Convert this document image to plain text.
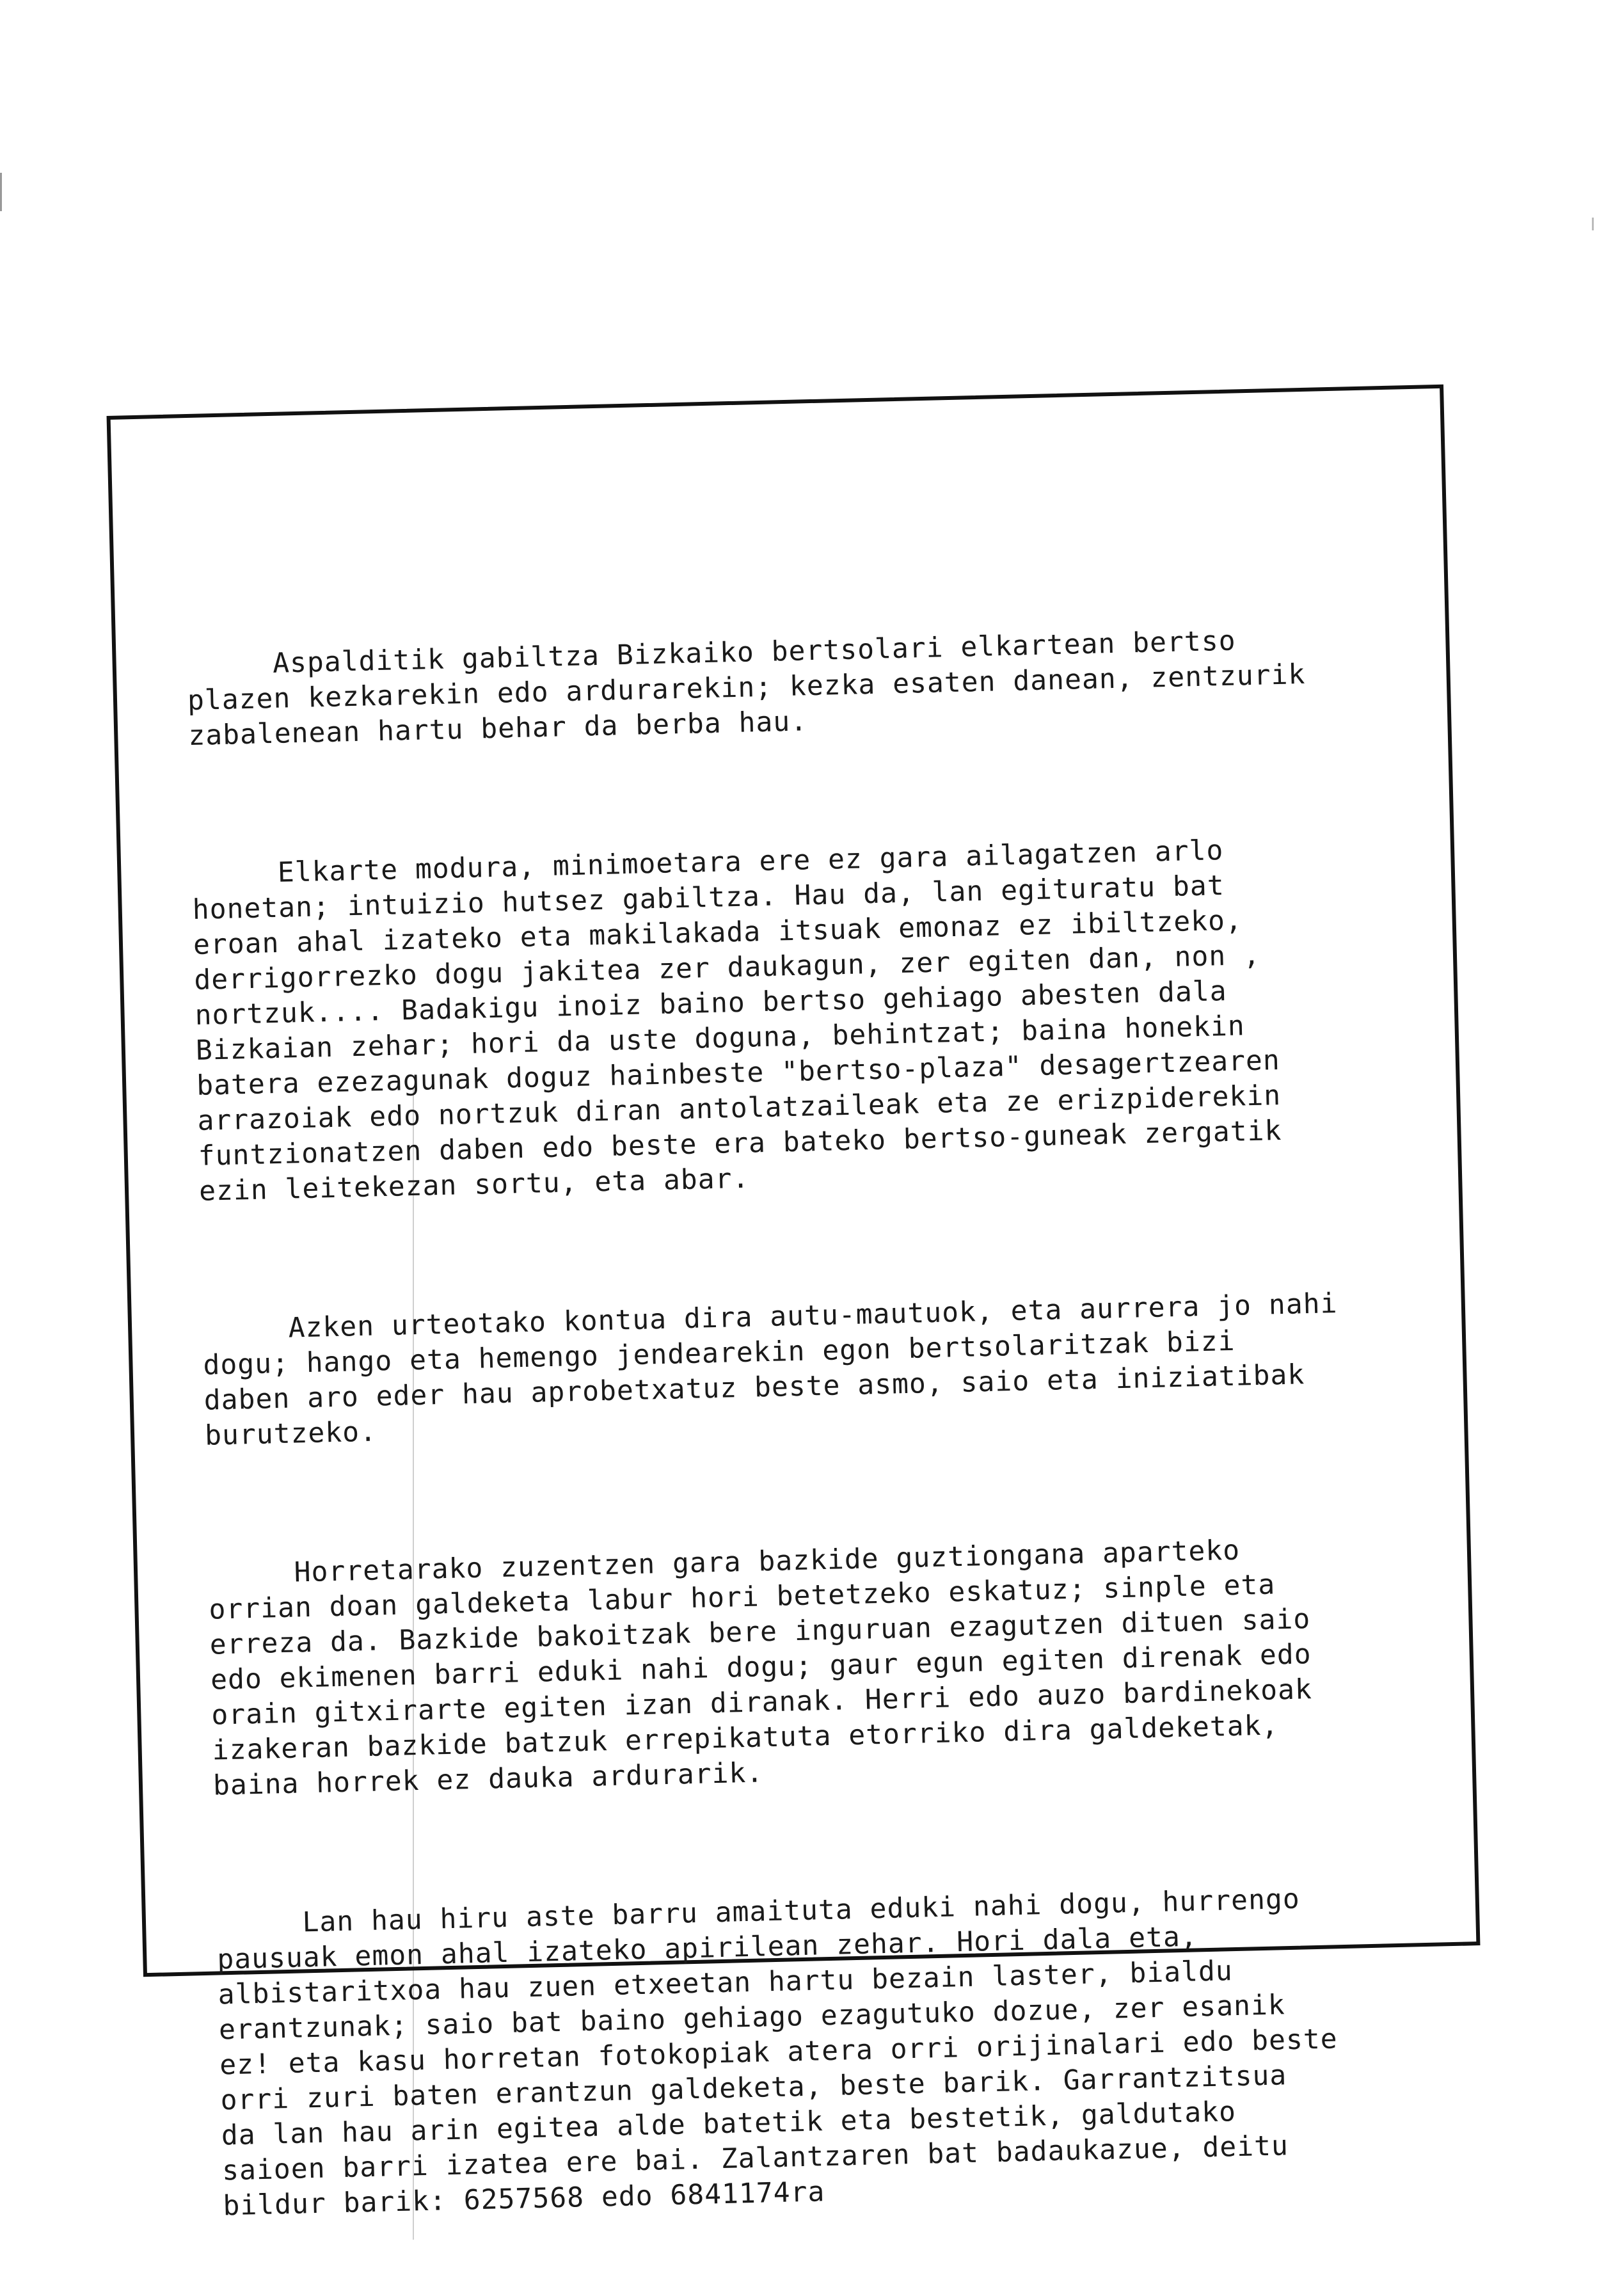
Aspalditik gabiltza Bizkaiko bertsolari elkartean bertso
plazen kezkarekin edo ardurarekin; kezka esaten danean, zentzurik
zabalenean hartu behar da berba hau.

Elkarte modura, minimoetara ere ez gara ailagatzen arlo
honetan; intuizio hutsez gabiltza. Hau da, lan egituratu bat
eroan ahal izateko eta makilakada itsuak emonaz ez ibiltzeko,
derrigorrezko dogu jakitea zer daukagun, zer egiten dan, non ,
nortzuk.... Badakigu inoiz baino bertso gehiago abesten dala
Bizkaian zehar; hori da uste doguna, behintzat; baina honekin
batera ezezagunak doguz hainbeste "bertso-plaza" desagertzearen
arrazoiak edo nortzuk diran antolatzaileak eta ze erizpiderekin
funtzionatzen daben edo beste era bateko bertso-guneak zergatik
ezin leitekezan sortu, eta abar.

Azken urteotako kontua dira autu-mautuok, eta aurrera jo nahi
dogu; hango eta hemengo jendearekin egon bertsolaritzak bizi
daben aro eder hau aprobetxatuz beste asmo, saio eta iniziatibak
burutzeko.

Horretarako zuzentzen gara bazkide guztiongana aparteko
orrian doan galdeketa labur hori betetzeko eskatuz; sinple eta
erreza da. Bazkide bakoitzak bere inguruan ezagutzen dituen saio
edo ekimenen barri eduki nahi dogu; gaur egun egiten direnak edo
orain gitxirarte egiten izan diranak. Herri edo auzo bardinekoak
izakeran bazkide batzuk errepikatuta etorriko dira galdeketak,
baina horrek ez dauka ardurarik.

Lan hau hiru aste barru amaituta eduki nahi dogu, hurrengo
pausuak emon ahal izateko apirilean zehar. Hori dala eta,
albistaritxoa hau zuen etxeetan hartu bezain laster, bialdu
erantzunak; saio bat baino gehiago ezagutuko dozue, zer esanik
ez! eta kasu horretan fotokopiak atera orri orijinalari edo beste
orri zuri baten erantzun galdeketa, beste barik. Garrantzitsua
da lan hau arin egitea alde batetik eta bestetik, galdutako
saioen barri izatea ere bai. Zalantzaren bat badaukazue, deitu
bildur barik: 6257568 edo 6841174ra
